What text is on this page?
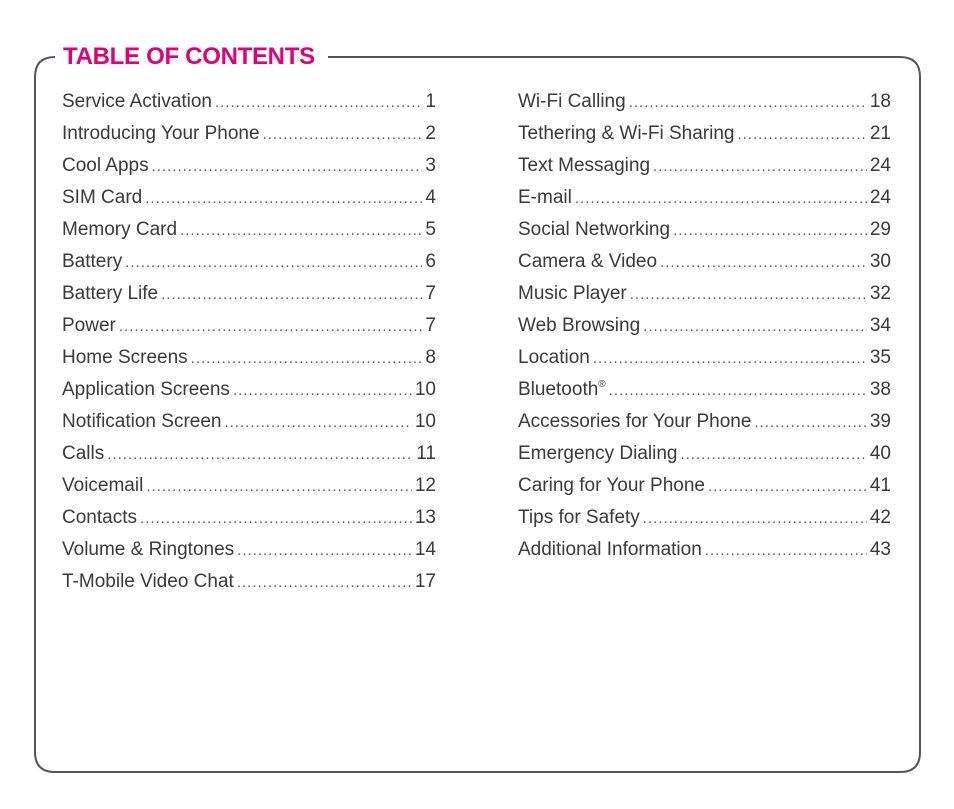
TABLE OF CONTENTS
Service Activation .....	1
Introducing Your Phone .....	2
Cool Apps .....	3
SIM Card .....	4
Memory Card .....	5
Battery .....	6
Battery Life .....	7
Power .....	7
Home Screens .....	8
Application Screens .....	10
Notification Screen .....	10
Calls .....	11
Voicemail .....	12
Contacts .....	13
Volume & Ringtones .....	14
T-Mobile Video Chat .....	17
Wi-Fi Calling .....	18
Tethering & Wi-Fi Sharing .....	21
Text Messaging .....	24
E-mail .....	24
Social Networking .....	29
Camera & Video .....	30
Music Player .....	32
Web Browsing .....	34
Location .....	35
Bluetooth® .....	38
Accessories for Your Phone .....	39
Emergency Dialing .....	40
Caring for Your Phone .....	41
Tips for Safety .....	42
Additional Information .....	43
